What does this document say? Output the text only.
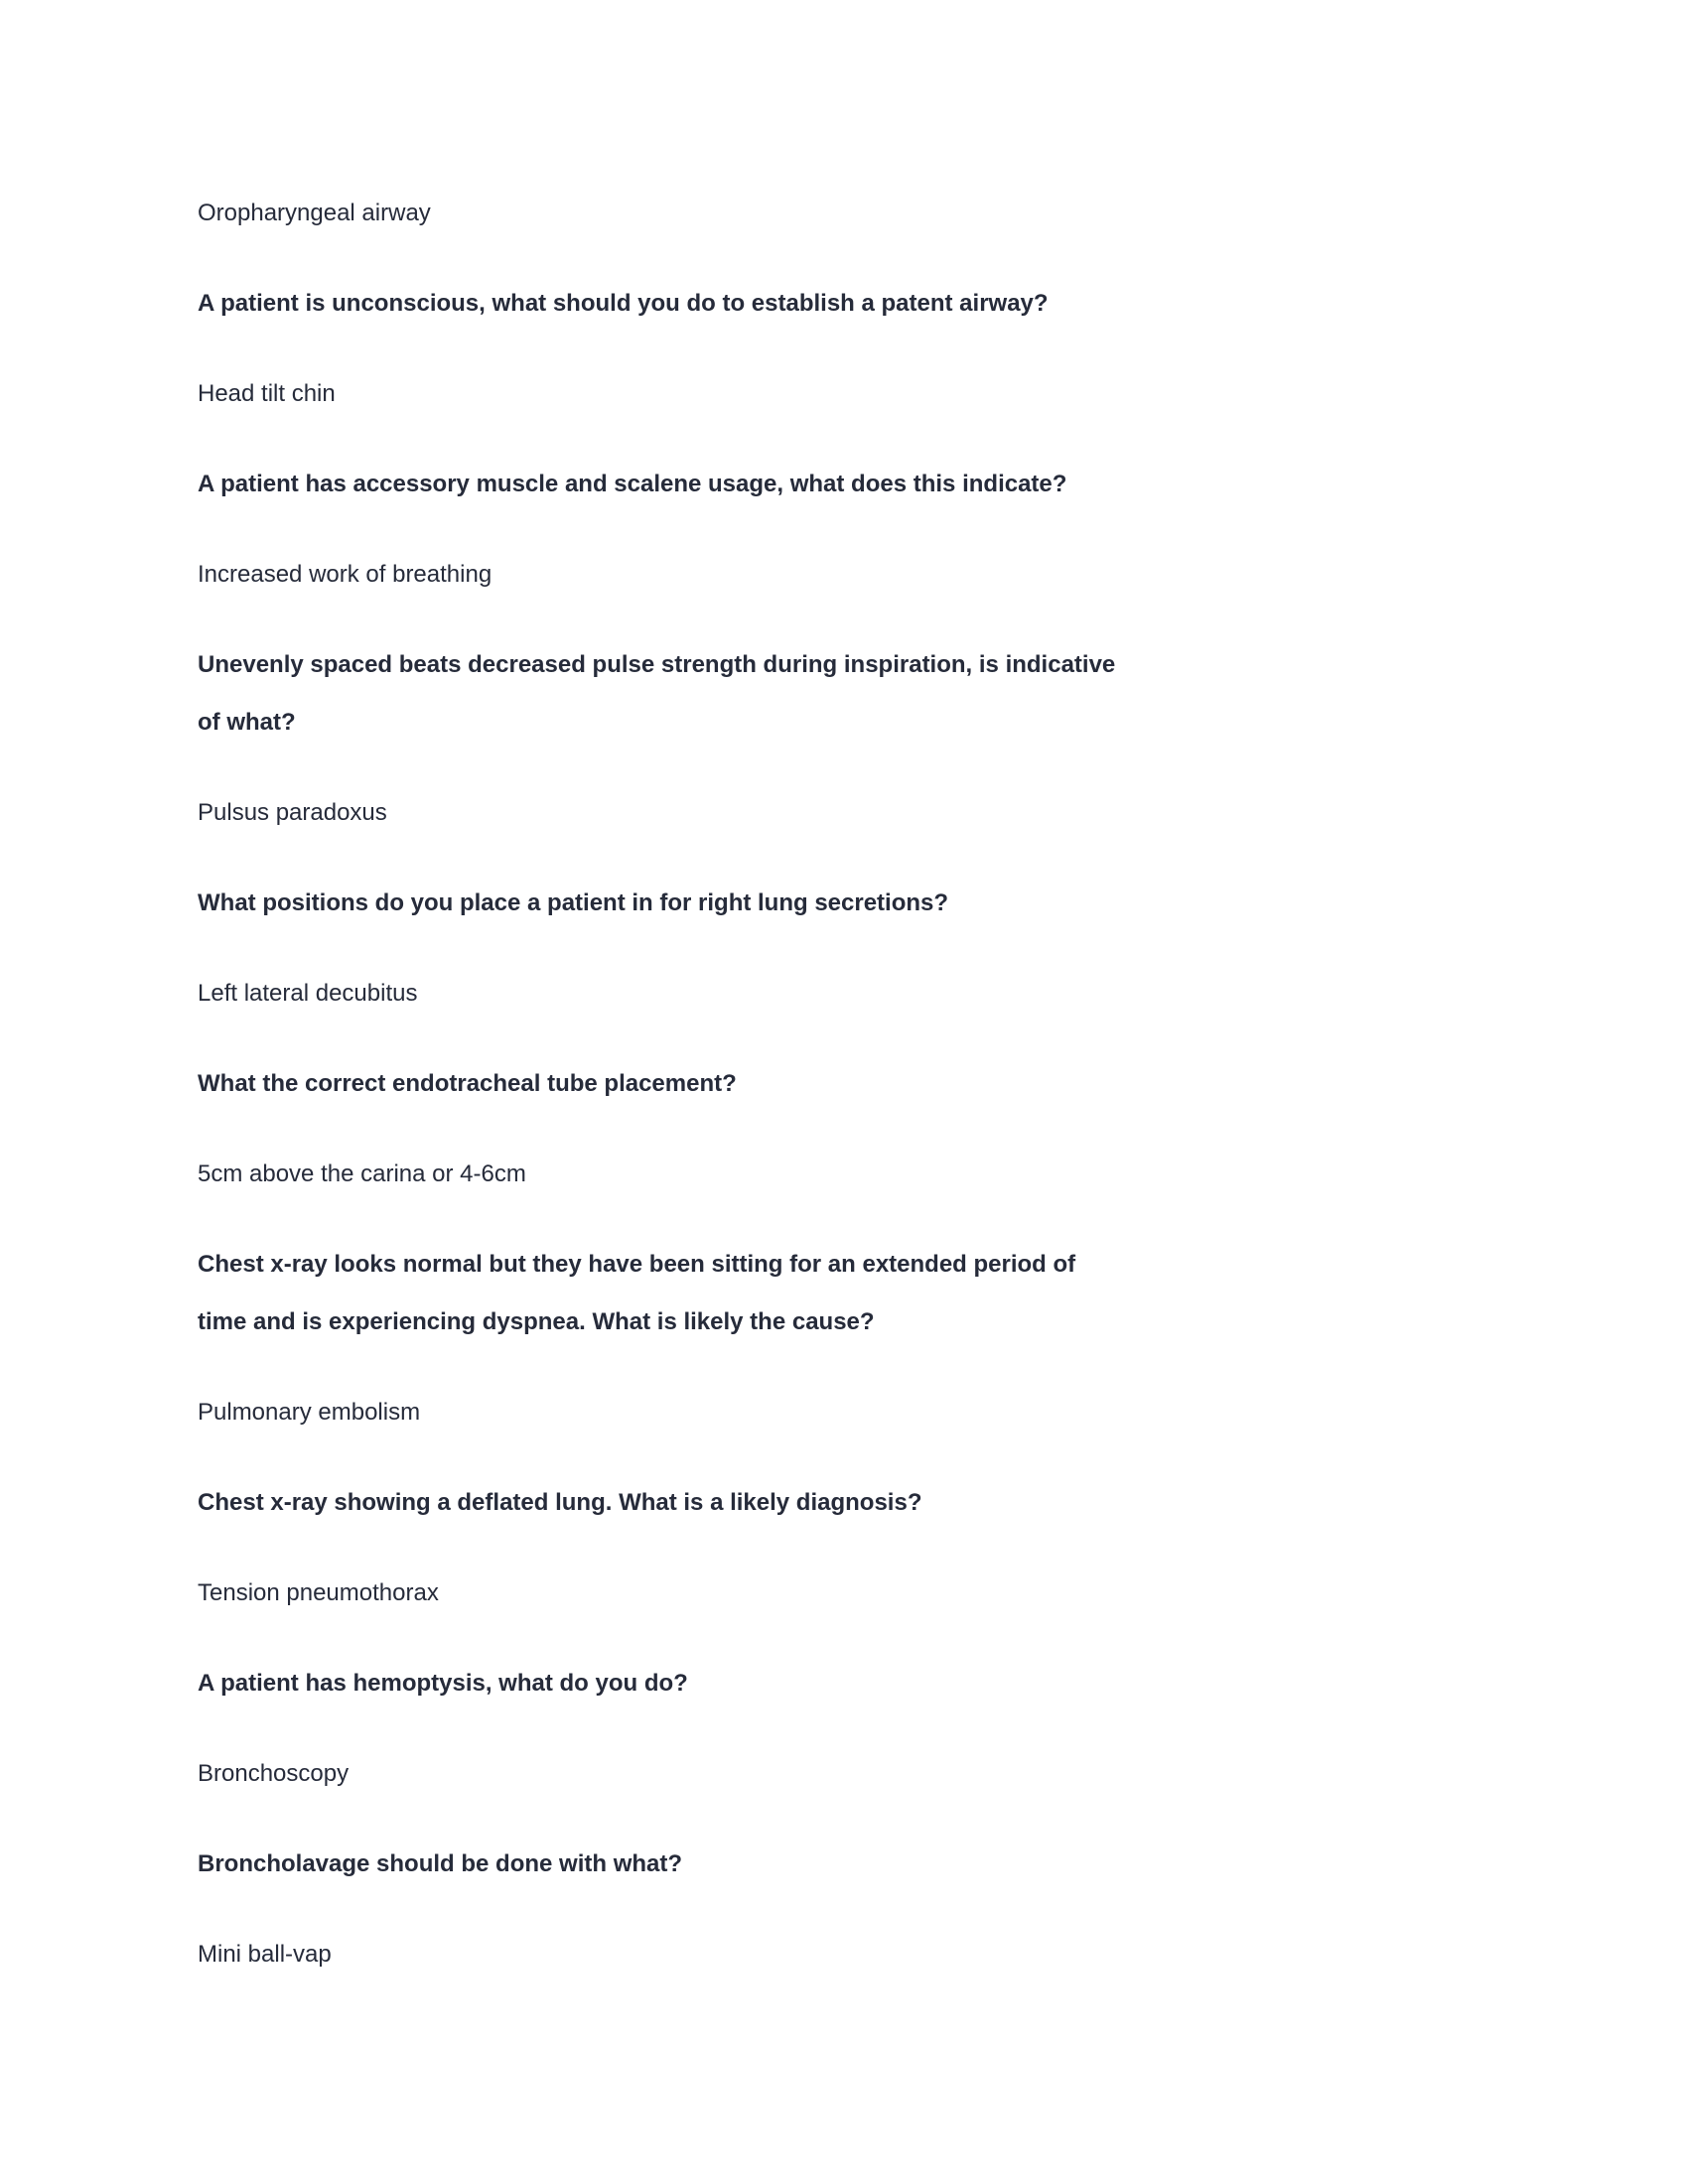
Oropharyngeal airway

A patient is unconscious, what should you do to establish a patent airway?

Head tilt chin

A patient has accessory muscle and scalene usage, what does this indicate?

Increased work of breathing

Unevenly spaced beats decreased pulse strength during inspiration, is indicative
of what?

Pulsus paradoxus

What positions do you place a patient in for right lung secretions?

Left lateral decubitus

What the correct endotracheal tube placement?

5cm above the carina or 4-6cm

Chest x-ray looks normal but they have been sitting for an extended period of
time and is experiencing dyspnea. What is likely the cause?

Pulmonary embolism

Chest x-ray showing a deflated lung. What is a likely diagnosis?

Tension pneumothorax

A patient has hemoptysis, what do you do?

Bronchoscopy

Broncholavage should be done with what?

Mini ball-vap
